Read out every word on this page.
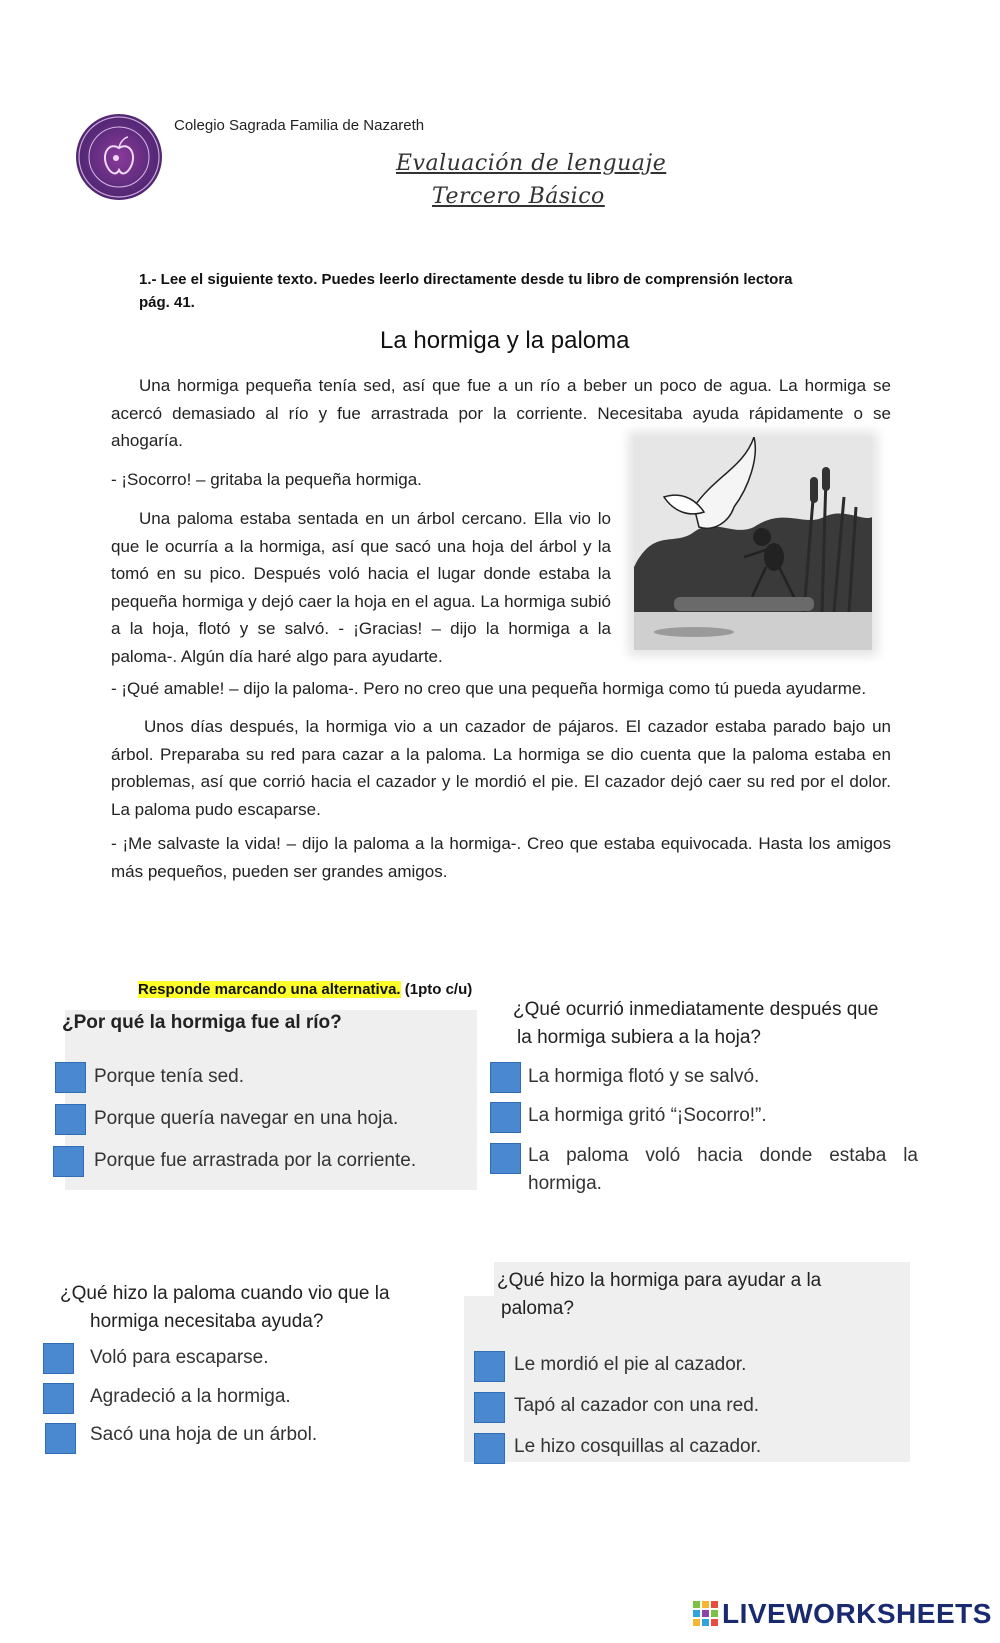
Colegio Sagrada Familia de Nazareth
Evaluación de lenguaje
Tercero Básico
1.- Lee el siguiente texto. Puedes leerlo directamente desde tu libro de comprensión lectora pág. 41.
La hormiga y la paloma
Una hormiga pequeña tenía sed, así que fue a un río a beber un poco de agua. La hormiga se acercó demasiado al río y fue arrastrada por la corriente. Necesitaba ayuda rápidamente o se ahogaría.
- ¡Socorro! – gritaba la pequeña hormiga.
Una paloma estaba sentada en un árbol cercano. Ella vio lo que le ocurría a la hormiga, así que sacó una hoja del árbol y la tomó en su pico. Después voló hacia el lugar donde estaba la pequeña hormiga y dejó caer la hoja en el agua. La hormiga subió a la hoja, flotó y se salvó. - ¡Gracias! – dijo la hormiga a la paloma-. Algún día haré algo para ayudarte.
- ¡Qué amable! – dijo la paloma-. Pero no creo que una pequeña hormiga como tú pueda ayudarme.
Unos días después, la hormiga vio a un cazador de pájaros. El cazador estaba parado bajo un árbol. Preparaba su red para cazar a la paloma. La hormiga se dio cuenta que la paloma estaba en problemas, así que corrió hacia el cazador y le mordió el pie. El cazador dejó caer su red por el dolor. La paloma pudo escaparse.
- ¡Me salvaste la vida! – dijo la paloma a la hormiga-. Creo que estaba equivocada. Hasta los amigos más pequeños, pueden ser grandes amigos.
Responde marcando una alternativa. (1pto c/u)
¿Por qué la hormiga fue al río?
Porque tenía sed.
Porque quería navegar en una hoja.
Porque fue arrastrada por la corriente.
¿Qué ocurrió inmediatamente después que
la hormiga subiera a la hoja?
La hormiga flotó y se salvó.
La hormiga gritó “¡Socorro!”.
La paloma voló hacia donde estaba la
hormiga.
¿Qué hizo la paloma cuando vio que la
hormiga necesitaba ayuda?
Voló para escaparse.
Agradeció a la hormiga.
Sacó una hoja de un árbol.
¿Qué hizo la hormiga para ayudar a la
paloma?
Le mordió el pie al cazador.
Tapó al cazador con una red.
Le hizo cosquillas al cazador.
LIVEWORKSHEETS
